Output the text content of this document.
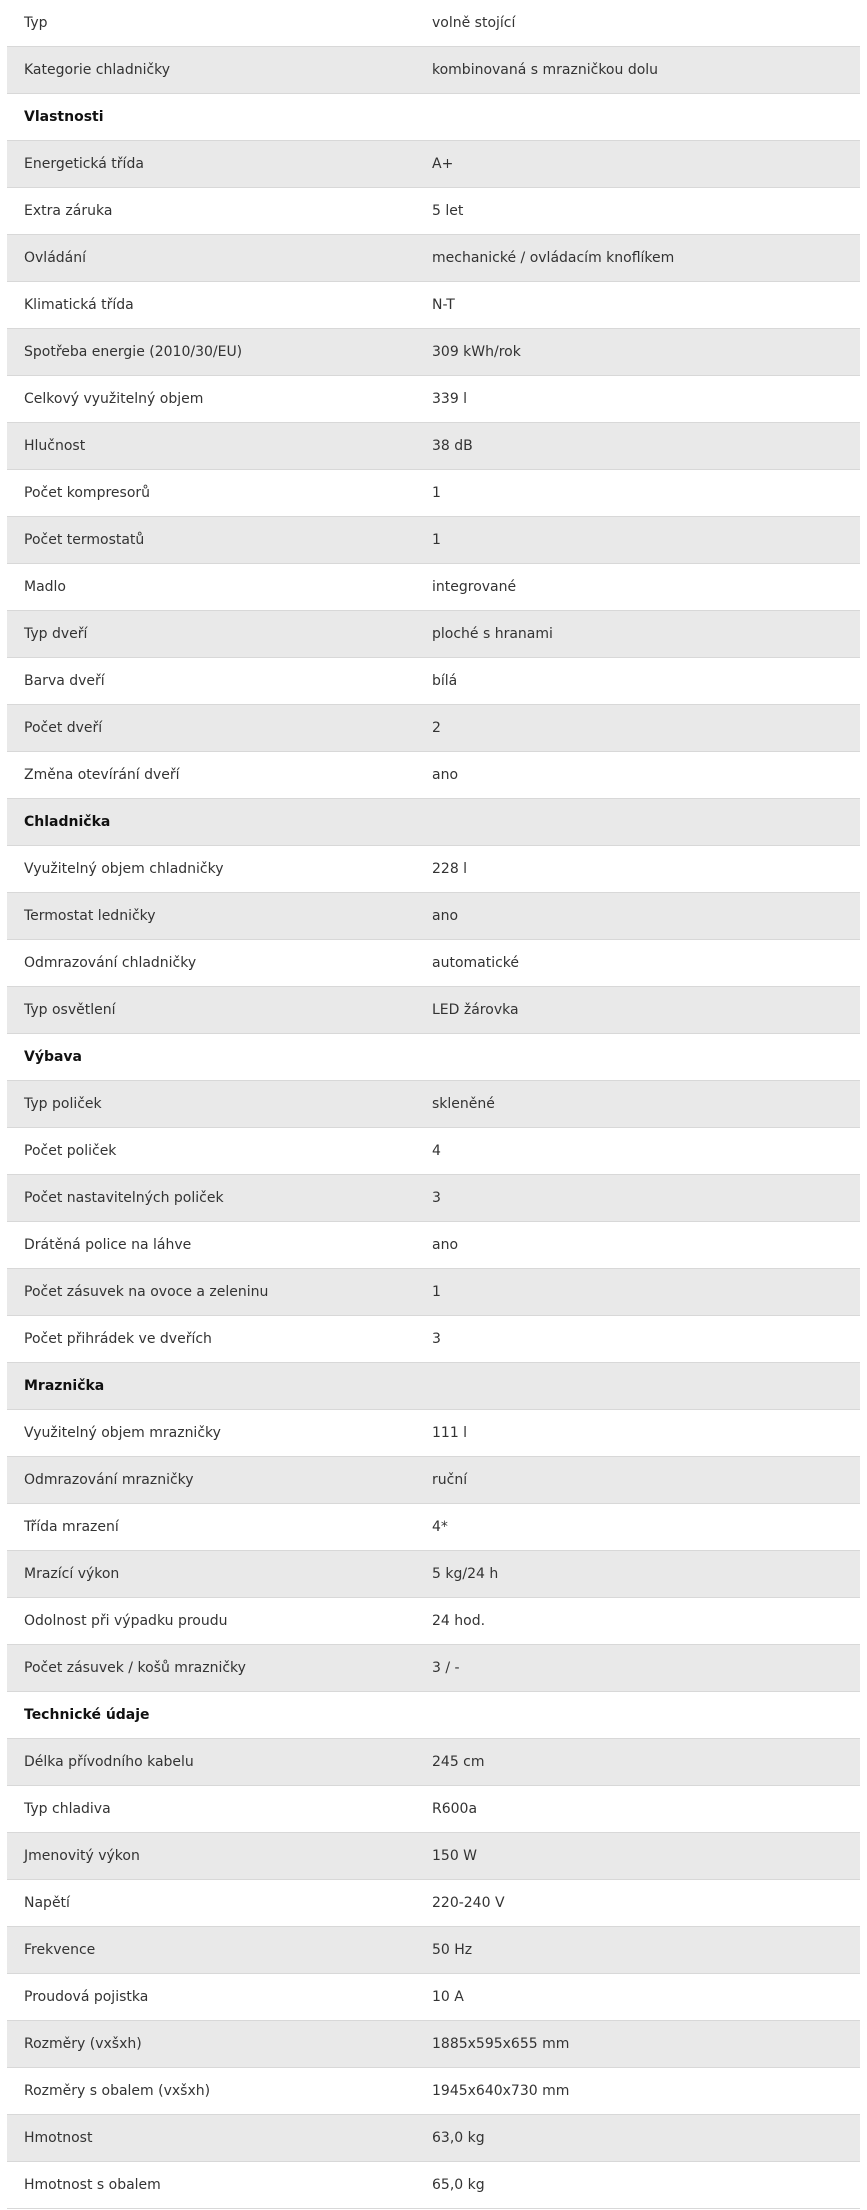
Typ	volně stojící
Kategorie chladničky	kombinovaná s mrazničkou dolu
Vlastnosti
Energetická třída	A+
Extra záruka	5 let
Ovládání	mechanické / ovládacím knoflíkem
Klimatická třída	N-T
Spotřeba energie (2010/30/EU)	309 kWh/rok
Celkový využitelný objem	339 l
Hlučnost	38 dB
Počet kompresorů	1
Počet termostatů	1
Madlo	integrované
Typ dveří	ploché s hranami
Barva dveří	bílá
Počet dveří	2
Změna otevírání dveří	ano
Chladnička
Využitelný objem chladničky	228 l
Termostat ledničky	ano
Odmrazování chladničky	automatické
Typ osvětlení	LED žárovka
Výbava
Typ poliček	skleněné
Počet poliček	4
Počet nastavitelných poliček	3
Drátěná police na láhve	ano
Počet zásuvek na ovoce a zeleninu	1
Počet přihrádek ve dveřích	3
Mraznička
Využitelný objem mrazničky	111 l
Odmrazování mrazničky	ruční
Třída mrazení	4*
Mrazící výkon	5 kg/24 h
Odolnost při výpadku proudu	24 hod.
Počet zásuvek / košů mrazničky	3 / -
Technické údaje
Délka přívodního kabelu	245 cm
Typ chladiva	R600a
Jmenovitý výkon	150 W
Napětí	220-240 V
Frekvence	50 Hz
Proudová pojistka	10 A
Rozměry (vxšxh)	1885x595x655 mm
Rozměry s obalem (vxšxh)	1945x640x730 mm
Hmotnost	63,0 kg
Hmotnost s obalem	65,0 kg
